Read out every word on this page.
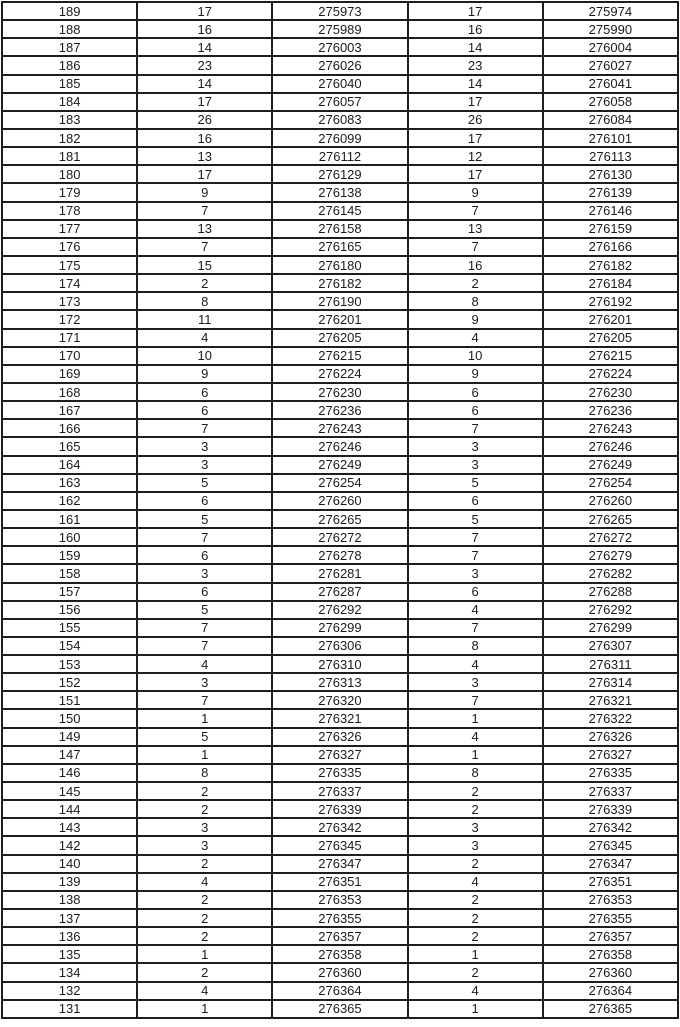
189	17	275973	17	275974
188	16	275989	16	275990
187	14	276003	14	276004
186	23	276026	23	276027
185	14	276040	14	276041
184	17	276057	17	276058
183	26	276083	26	276084
182	16	276099	17	276101
181	13	276112	12	276113
180	17	276129	17	276130
179	9	276138	9	276139
178	7	276145	7	276146
177	13	276158	13	276159
176	7	276165	7	276166
175	15	276180	16	276182
174	2	276182	2	276184
173	8	276190	8	276192
172	11	276201	9	276201
171	4	276205	4	276205
170	10	276215	10	276215
169	9	276224	9	276224
168	6	276230	6	276230
167	6	276236	6	276236
166	7	276243	7	276243
165	3	276246	3	276246
164	3	276249	3	276249
163	5	276254	5	276254
162	6	276260	6	276260
161	5	276265	5	276265
160	7	276272	7	276272
159	6	276278	7	276279
158	3	276281	3	276282
157	6	276287	6	276288
156	5	276292	4	276292
155	7	276299	7	276299
154	7	276306	8	276307
153	4	276310	4	276311
152	3	276313	3	276314
151	7	276320	7	276321
150	1	276321	1	276322
149	5	276326	4	276326
147	1	276327	1	276327
146	8	276335	8	276335
145	2	276337	2	276337
144	2	276339	2	276339
143	3	276342	3	276342
142	3	276345	3	276345
140	2	276347	2	276347
139	4	276351	4	276351
138	2	276353	2	276353
137	2	276355	2	276355
136	2	276357	2	276357
135	1	276358	1	276358
134	2	276360	2	276360
132	4	276364	4	276364
131	1	276365	1	276365
